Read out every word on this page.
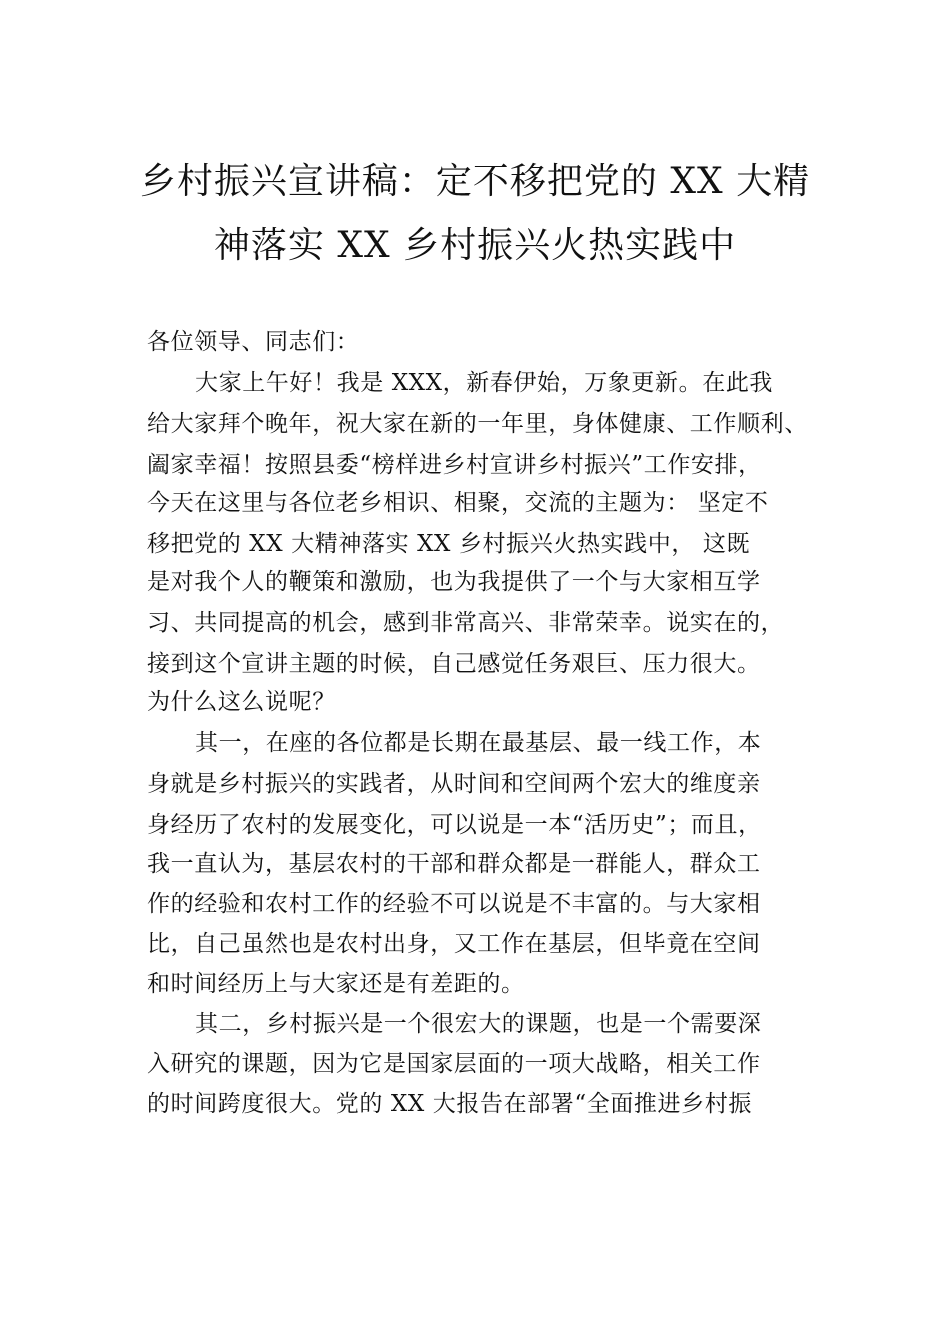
乡村振兴宣讲稿：定不移把党的 XX 大精
神落实 XX 乡村振兴火热实践中
各位领导、同志们：
大家上午好！我是 XXX，新春伊始，万象更新。在此我
给大家拜个晚年，祝大家在新的一年里，身体健康、工作顺利、
阖家幸福！按照县委“榜样进乡村宣讲乡村振兴”工作安排，
今天在这里与各位老乡相识、相聚，交流的主题为： 坚定不
移把党的 XX 大精神落实 XX 乡村振兴火热实践中， 这既
是对我个人的鞭策和激励，也为我提供了一个与大家相互学
习、共同提高的机会，感到非常高兴、非常荣幸。说实在的，
接到这个宣讲主题的时候，自己感觉任务艰巨、压力很大。
为什么这么说呢？
其一，在座的各位都是长期在最基层、最一线工作，本
身就是乡村振兴的实践者，从时间和空间两个宏大的维度亲
身经历了农村的发展变化，可以说是一本“活历史”；而且，
我一直认为，基层农村的干部和群众都是一群能人，群众工
作的经验和农村工作的经验不可以说是不丰富的。与大家相
比，自己虽然也是农村出身，又工作在基层，但毕竟在空间
和时间经历上与大家还是有差距的。
其二，乡村振兴是一个很宏大的课题，也是一个需要深
入研究的课题，因为它是国家层面的一项大战略，相关工作
的时间跨度很大。党的 XX 大报告在部署“全面推进乡村振
